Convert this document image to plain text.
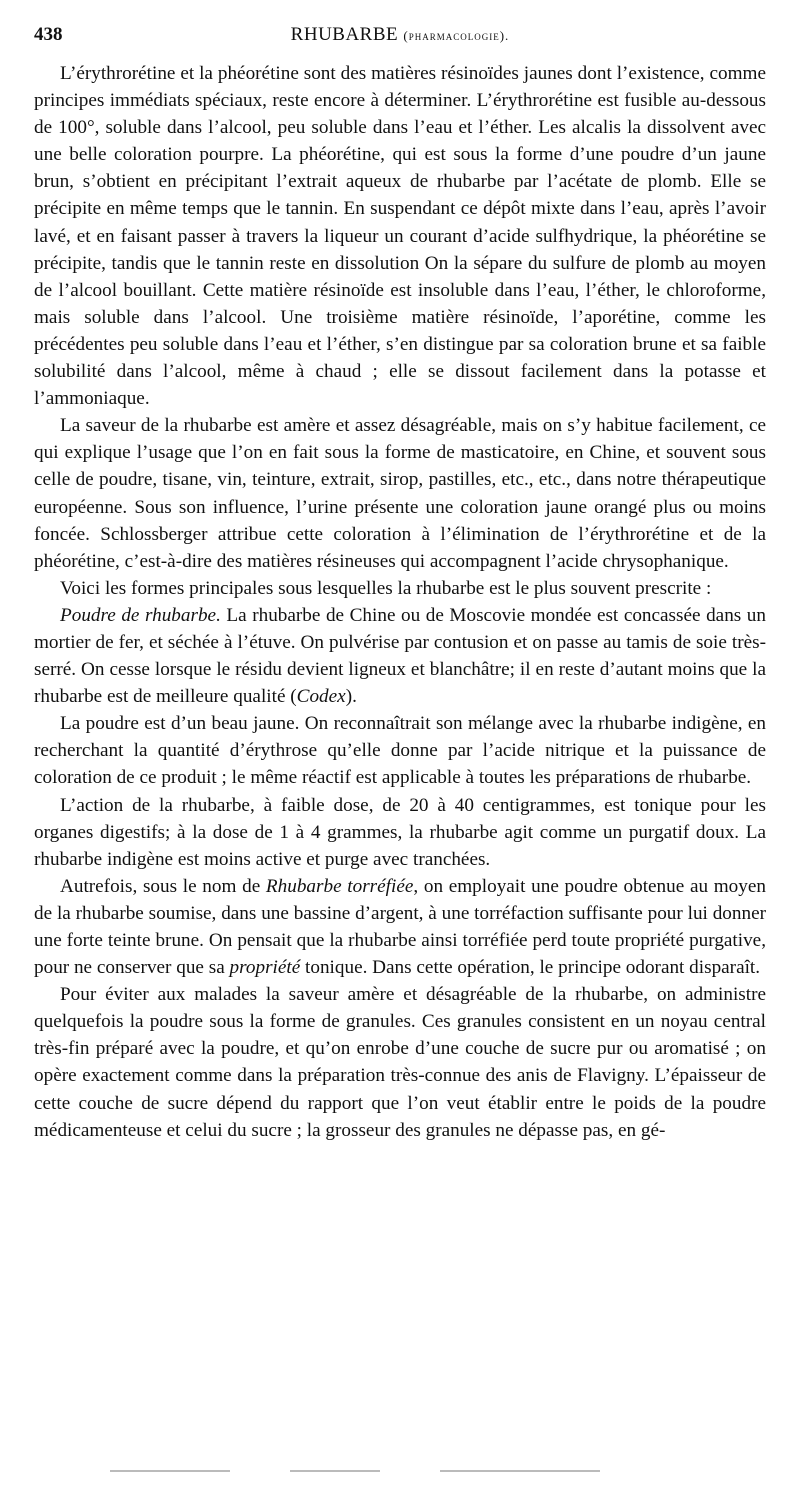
438	RHUBARBE (pharmacologie).

L’érythrorétine et la phéorétine sont des matières résinoïdes jaunes dont l’existence, comme principes immédiats spéciaux, reste encore à déterminer. L’érythrorétine est fusible au-dessous de 100°, soluble dans l’alcool, peu soluble dans l’eau et l’éther. Les alcalis la dissolvent avec une belle coloration pourpre. La phéorétine, qui est sous la forme d’une poudre d’un jaune brun, s’obtient en précipitant l’extrait aqueux de rhubarbe par l’acétate de plomb. Elle se précipite en même temps que le tannin. En suspendant ce dépôt mixte dans l’eau, après l’avoir lavé, et en faisant passer à travers la liqueur un courant d’acide sulfhydrique, la phéorétine se précipite, tandis que le tannin reste en dissolution On la sépare du sulfure de plomb au moyen de l’alcool bouillant. Cette matière résinoïde est insoluble dans l’eau, l’éther, le chloroforme, mais soluble dans l’alcool. Une troisième matière résinoïde, l’aporétine, comme les précédentes peu soluble dans l’eau et l’éther, s’en distingue par sa coloration brune et sa faible solubilité dans l’alcool, même à chaud ; elle se dissout facilement dans la potasse et l’ammoniaque.

La saveur de la rhubarbe est amère et assez désagréable, mais on s’y habitue facilement, ce qui explique l’usage que l’on en fait sous la forme de masticatoire, en Chine, et souvent sous celle de poudre, tisane, vin, teinture, extrait, sirop, pastilles, etc., etc., dans notre thérapeutique européenne. Sous son influence, l’urine présente une coloration jaune orangé plus ou moins foncée. Schlossberger attribue cette coloration à l’élimination de l’érythrorétine et de la phéorétine, c’est-à-dire des matières résineuses qui accompagnent l’acide chrysophanique.

Voici les formes principales sous lesquelles la rhubarbe est le plus souvent prescrite :

Poudre de rhubarbe. La rhubarbe de Chine ou de Moscovie mondée est concassée dans un mortier de fer, et séchée à l’étuve. On pulvérise par contusion et on passe au tamis de soie très-serré. On cesse lorsque le résidu devient ligneux et blanchâtre; il en reste d’autant moins que la rhubarbe est de meilleure qualité (Codex).

La poudre est d’un beau jaune. On reconnaîtrait son mélange avec la rhubarbe indigène, en recherchant la quantité d’érythrose qu’elle donne par l’acide nitrique et la puissance de coloration de ce produit ; le même réactif est applicable à toutes les préparations de rhubarbe.

L’action de la rhubarbe, à faible dose, de 20 à 40 centigrammes, est tonique pour les organes digestifs; à la dose de 1 à 4 grammes, la rhubarbe agit comme un purgatif doux. La rhubarbe indigène est moins active et purge avec tranchées.

Autrefois, sous le nom de Rhubarbe torréfiée, on employait une poudre obtenue au moyen de la rhubarbe soumise, dans une bassine d’argent, à une torréfaction suffisante pour lui donner une forte teinte brune. On pensait que la rhubarbe ainsi torréfiée perd toute propriété purgative, pour ne conserver que sa propriété tonique. Dans cette opération, le principe odorant disparaît.

Pour éviter aux malades la saveur amère et désagréable de la rhubarbe, on administre quelquefois la poudre sous la forme de granules. Ces granules consistent en un noyau central très-fin préparé avec la poudre, et qu’on enrobe d’une couche de sucre pur ou aromatisé ; on opère exactement comme dans la préparation très-connue des anis de Flavigny. L’épaisseur de cette couche de sucre dépend du rapport que l’on veut établir entre le poids de la poudre médicamenteuse et celui du sucre ; la grosseur des granules ne dépasse pas, en gé-
